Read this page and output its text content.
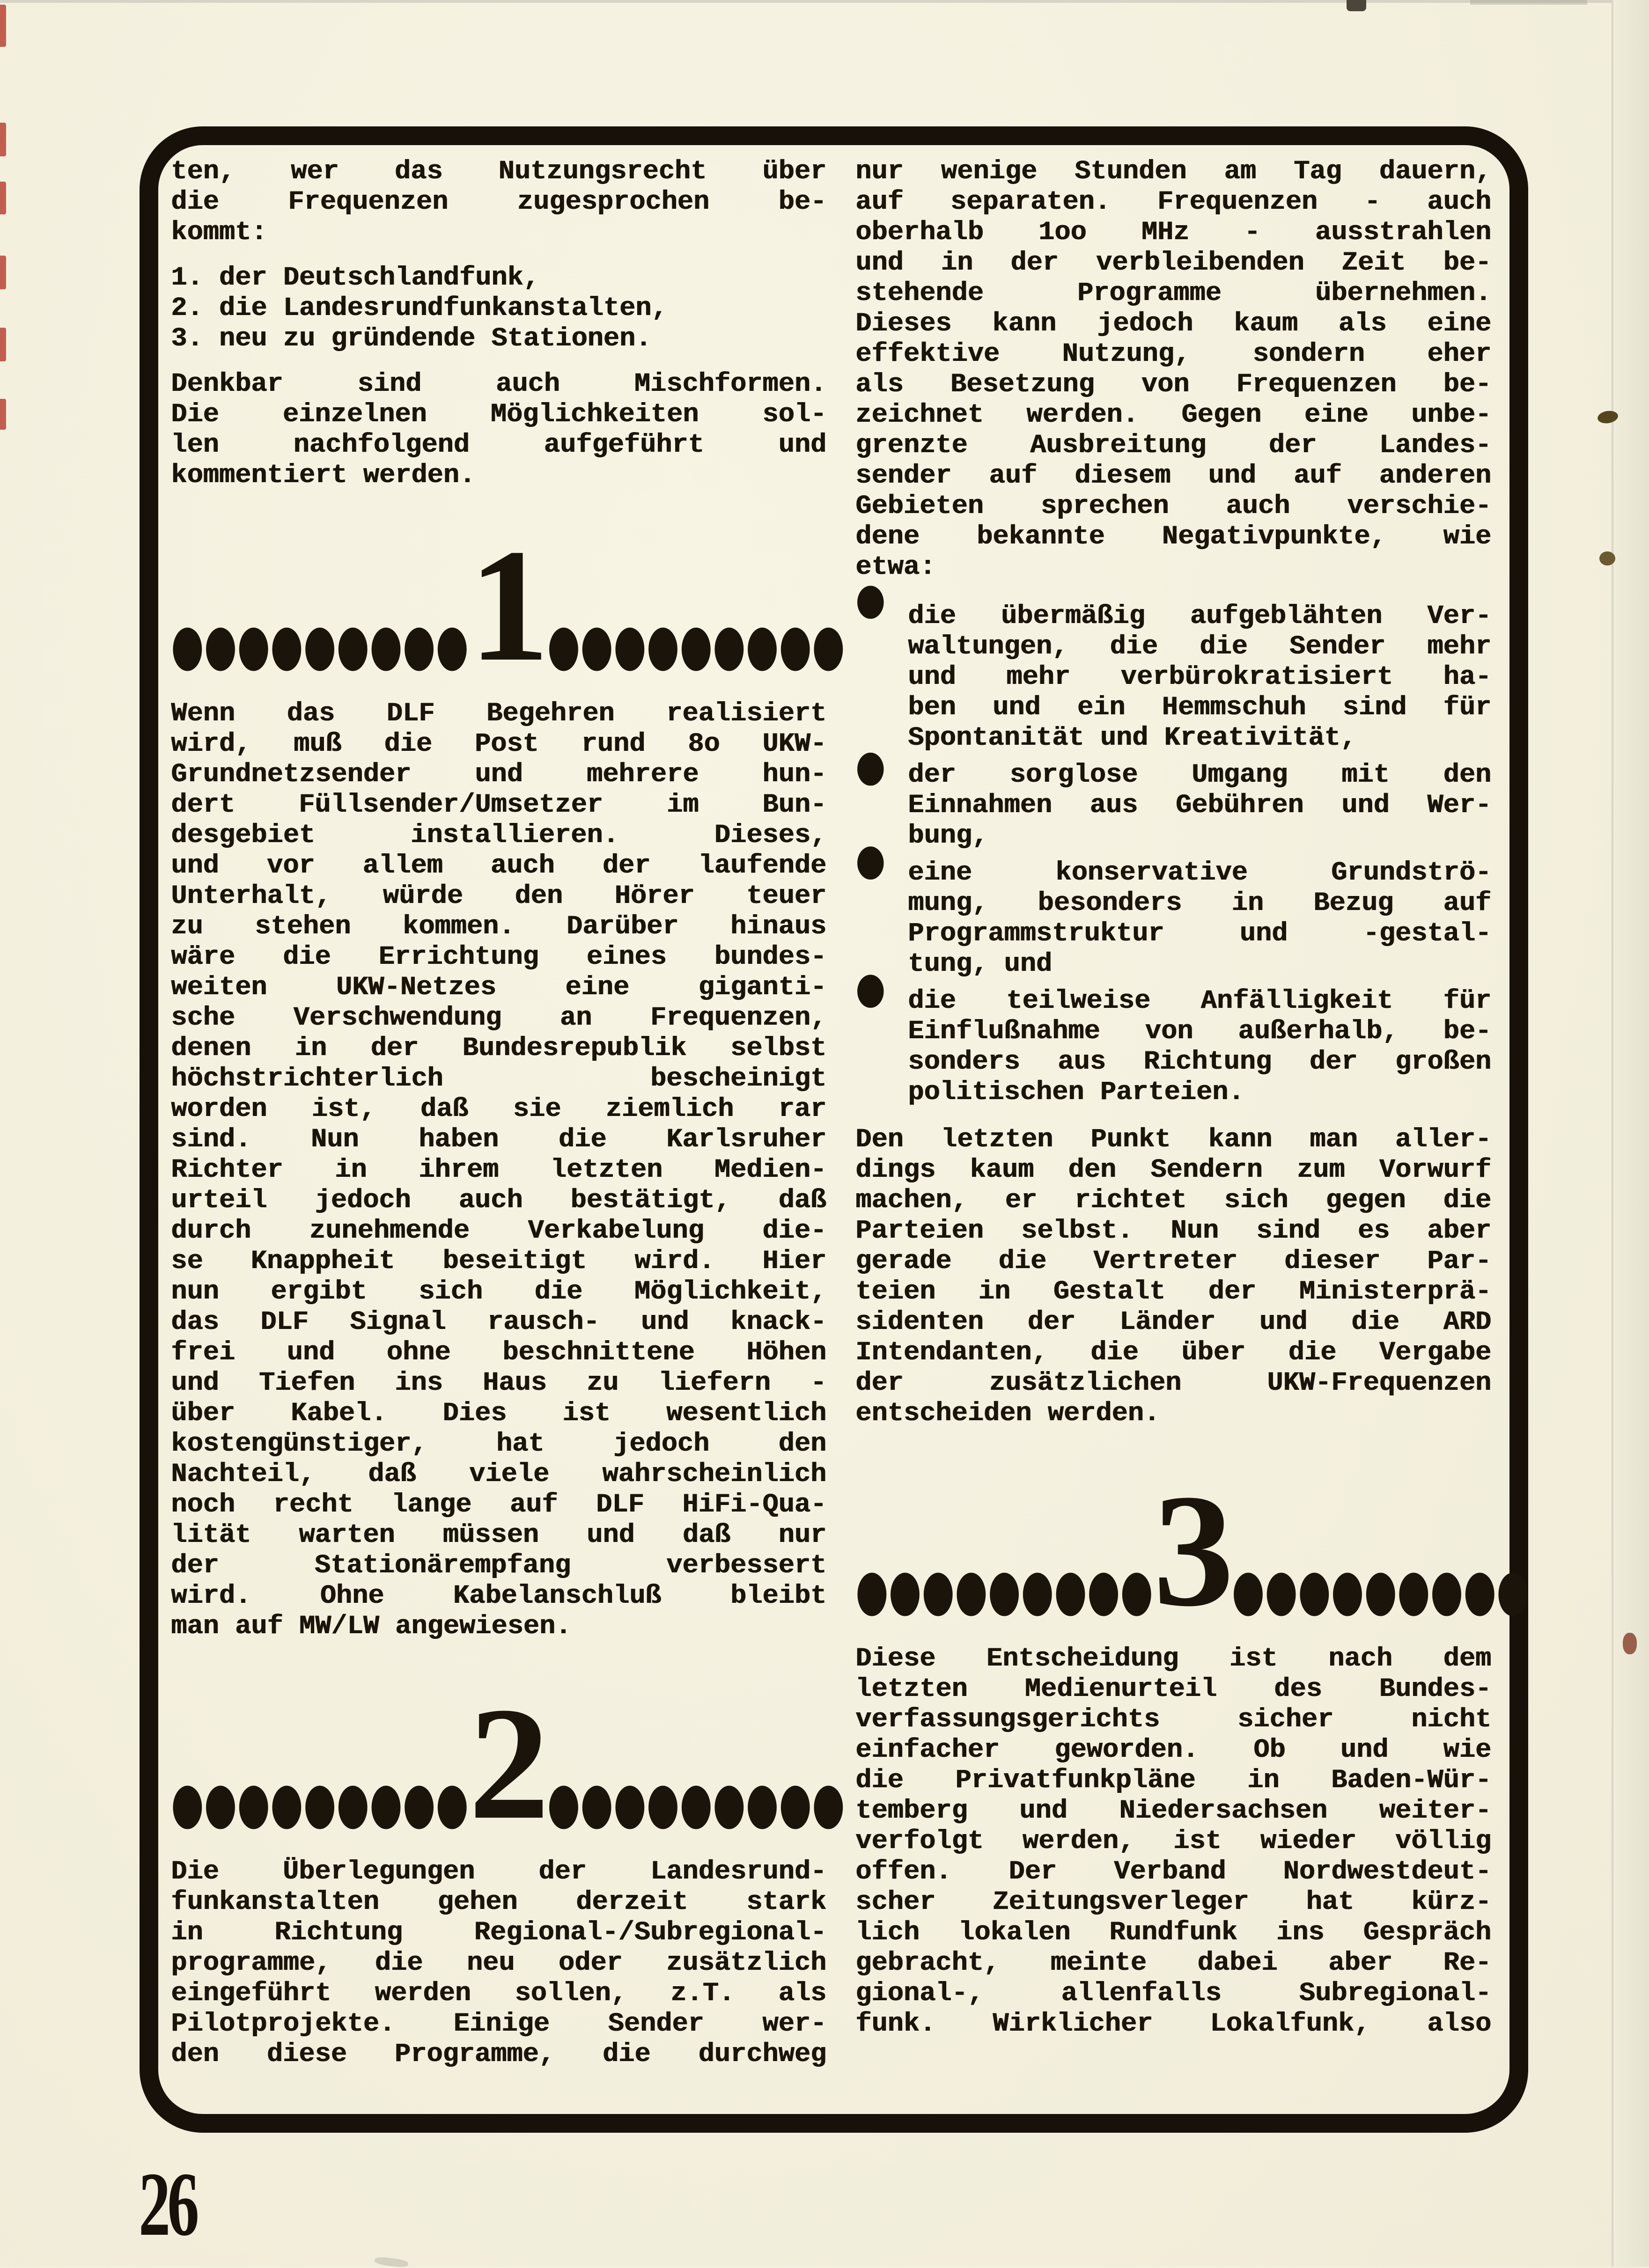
ten, wer das Nutzungsrecht über
die Frequenzen zugesprochen be-
kommt:
1. der Deutschlandfunk,
2. die Landesrundfunkanstalten,
3. neu zu gründende Stationen.
Denkbar sind auch Mischformen.
Die einzelnen Möglichkeiten sol-
len nachfolgend aufgeführt und
kommentiert werden.
●●●●●●●●● 1 ●●●●●●●●●
Wenn das DLF Begehren realisiert
wird, muß die Post rund 8o UKW-
Grundnetzsender und mehrere hun-
dert Füllsender/Umsetzer im Bun-
desgebiet installieren. Dieses,
und vor allem auch der laufende
Unterhalt, würde den Hörer teuer
zu stehen kommen. Darüber hinaus
wäre die Errichtung eines bundes-
weiten UKW-Netzes eine giganti-
sche Verschwendung an Frequenzen,
denen in der Bundesrepublik selbst
höchstrichterlich bescheinigt
worden ist, daß sie ziemlich rar
sind. Nun haben die Karlsruher
Richter in ihrem letzten Medien-
urteil jedoch auch bestätigt, daß
durch zunehmende Verkabelung die-
se Knappheit beseitigt wird. Hier
nun ergibt sich die Möglichkeit,
das DLF Signal rausch- und knack-
frei und ohne beschnittene Höhen
und Tiefen ins Haus zu liefern -
über Kabel. Dies ist wesentlich
kostengünstiger, hat jedoch den
Nachteil, daß viele wahrscheinlich
noch recht lange auf DLF HiFi-Qua-
lität warten müssen und daß nur
der Stationärempfang verbessert
wird. Ohne Kabelanschluß bleibt
man auf MW/LW angewiesen.
●●●●●●●●● 2 ●●●●●●●●●
Die Überlegungen der Landesrund-
funkanstalten gehen derzeit stark
in Richtung Regional-/Subregional-
programme, die neu oder zusätzlich
eingeführt werden sollen, z.T. als
Pilotprojekte. Einige Sender wer-
den diese Programme, die durchweg
nur wenige Stunden am Tag dauern,
auf separaten. Frequenzen - auch
oberhalb 1oo MHz - ausstrahlen
und in der verbleibenden Zeit be-
stehende Programme übernehmen.
Dieses kann jedoch kaum als eine
effektive Nutzung, sondern eher
als Besetzung von Frequenzen be-
zeichnet werden. Gegen eine unbe-
grenzte Ausbreitung der Landes-
sender auf diesem und auf anderen
Gebieten sprechen auch verschie-
dene bekannte Negativpunkte, wie
etwa:
● die übermäßig aufgeblähten Ver-
waltungen, die die Sender mehr
und mehr verbürokratisiert ha-
ben und ein Hemmschuh sind für
Spontanität und Kreativität,
● der sorglose Umgang mit den
Einnahmen aus Gebühren und Wer-
bung,
● eine konservative Grundströ-
mung, besonders in Bezug auf
Programmstruktur und -gestal-
tung, und
● die teilweise Anfälligkeit für
Einflußnahme von außerhalb, be-
sonders aus Richtung der großen
politischen Parteien.
Den letzten Punkt kann man aller-
dings kaum den Sendern zum Vorwurf
machen, er richtet sich gegen die
Parteien selbst. Nun sind es aber
gerade die Vertreter dieser Par-
teien in Gestalt der Ministerprä-
sidenten der Länder und die ARD
Intendanten, die über die Vergabe
der zusätzlichen UKW-Frequenzen
entscheiden werden.
●●●●●●●●● 3 ●●●●●●●●●
Diese Entscheidung ist nach dem
letzten Medienurteil des Bundes-
verfassungsgerichts sicher nicht
einfacher geworden. Ob und wie
die Privatfunkpläne in Baden-Wür-
temberg und Niedersachsen weiter-
verfolgt werden, ist wieder völlig
offen. Der Verband Nordwestdeut-
scher Zeitungsverleger hat kürz-
lich lokalen Rundfunk ins Gespräch
gebracht, meinte dabei aber Re-
gional-, allenfalls Subregional-
funk. Wirklicher Lokalfunk, also
26
